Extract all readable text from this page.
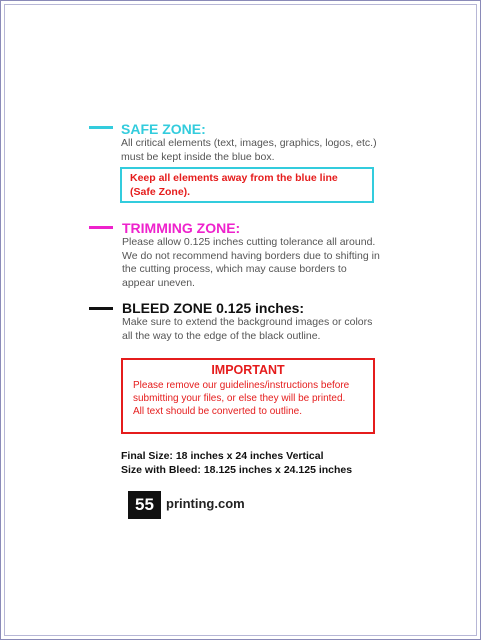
SAFE ZONE:
All critical elements (text, images, graphics, logos, etc.)
must be kept inside the blue box.
Keep all elements away from the blue line
(Safe Zone).
TRIMMING ZONE:
Please allow 0.125 inches cutting tolerance all around.
We do not recommend having borders due to shifting in
the cutting process, which may cause borders to
appear uneven.
BLEED ZONE 0.125 inches:
Make sure to extend the background images or colors
all the way to the edge of the black outline.
IMPORTANT
Please remove our guidelines/instructions before
submitting your files, or else they will be printed.
All text should be converted to outline.
Final Size: 18 inches x 24 inches Vertical
Size with Bleed: 18.125 inches x 24.125 inches
55 printing.com
